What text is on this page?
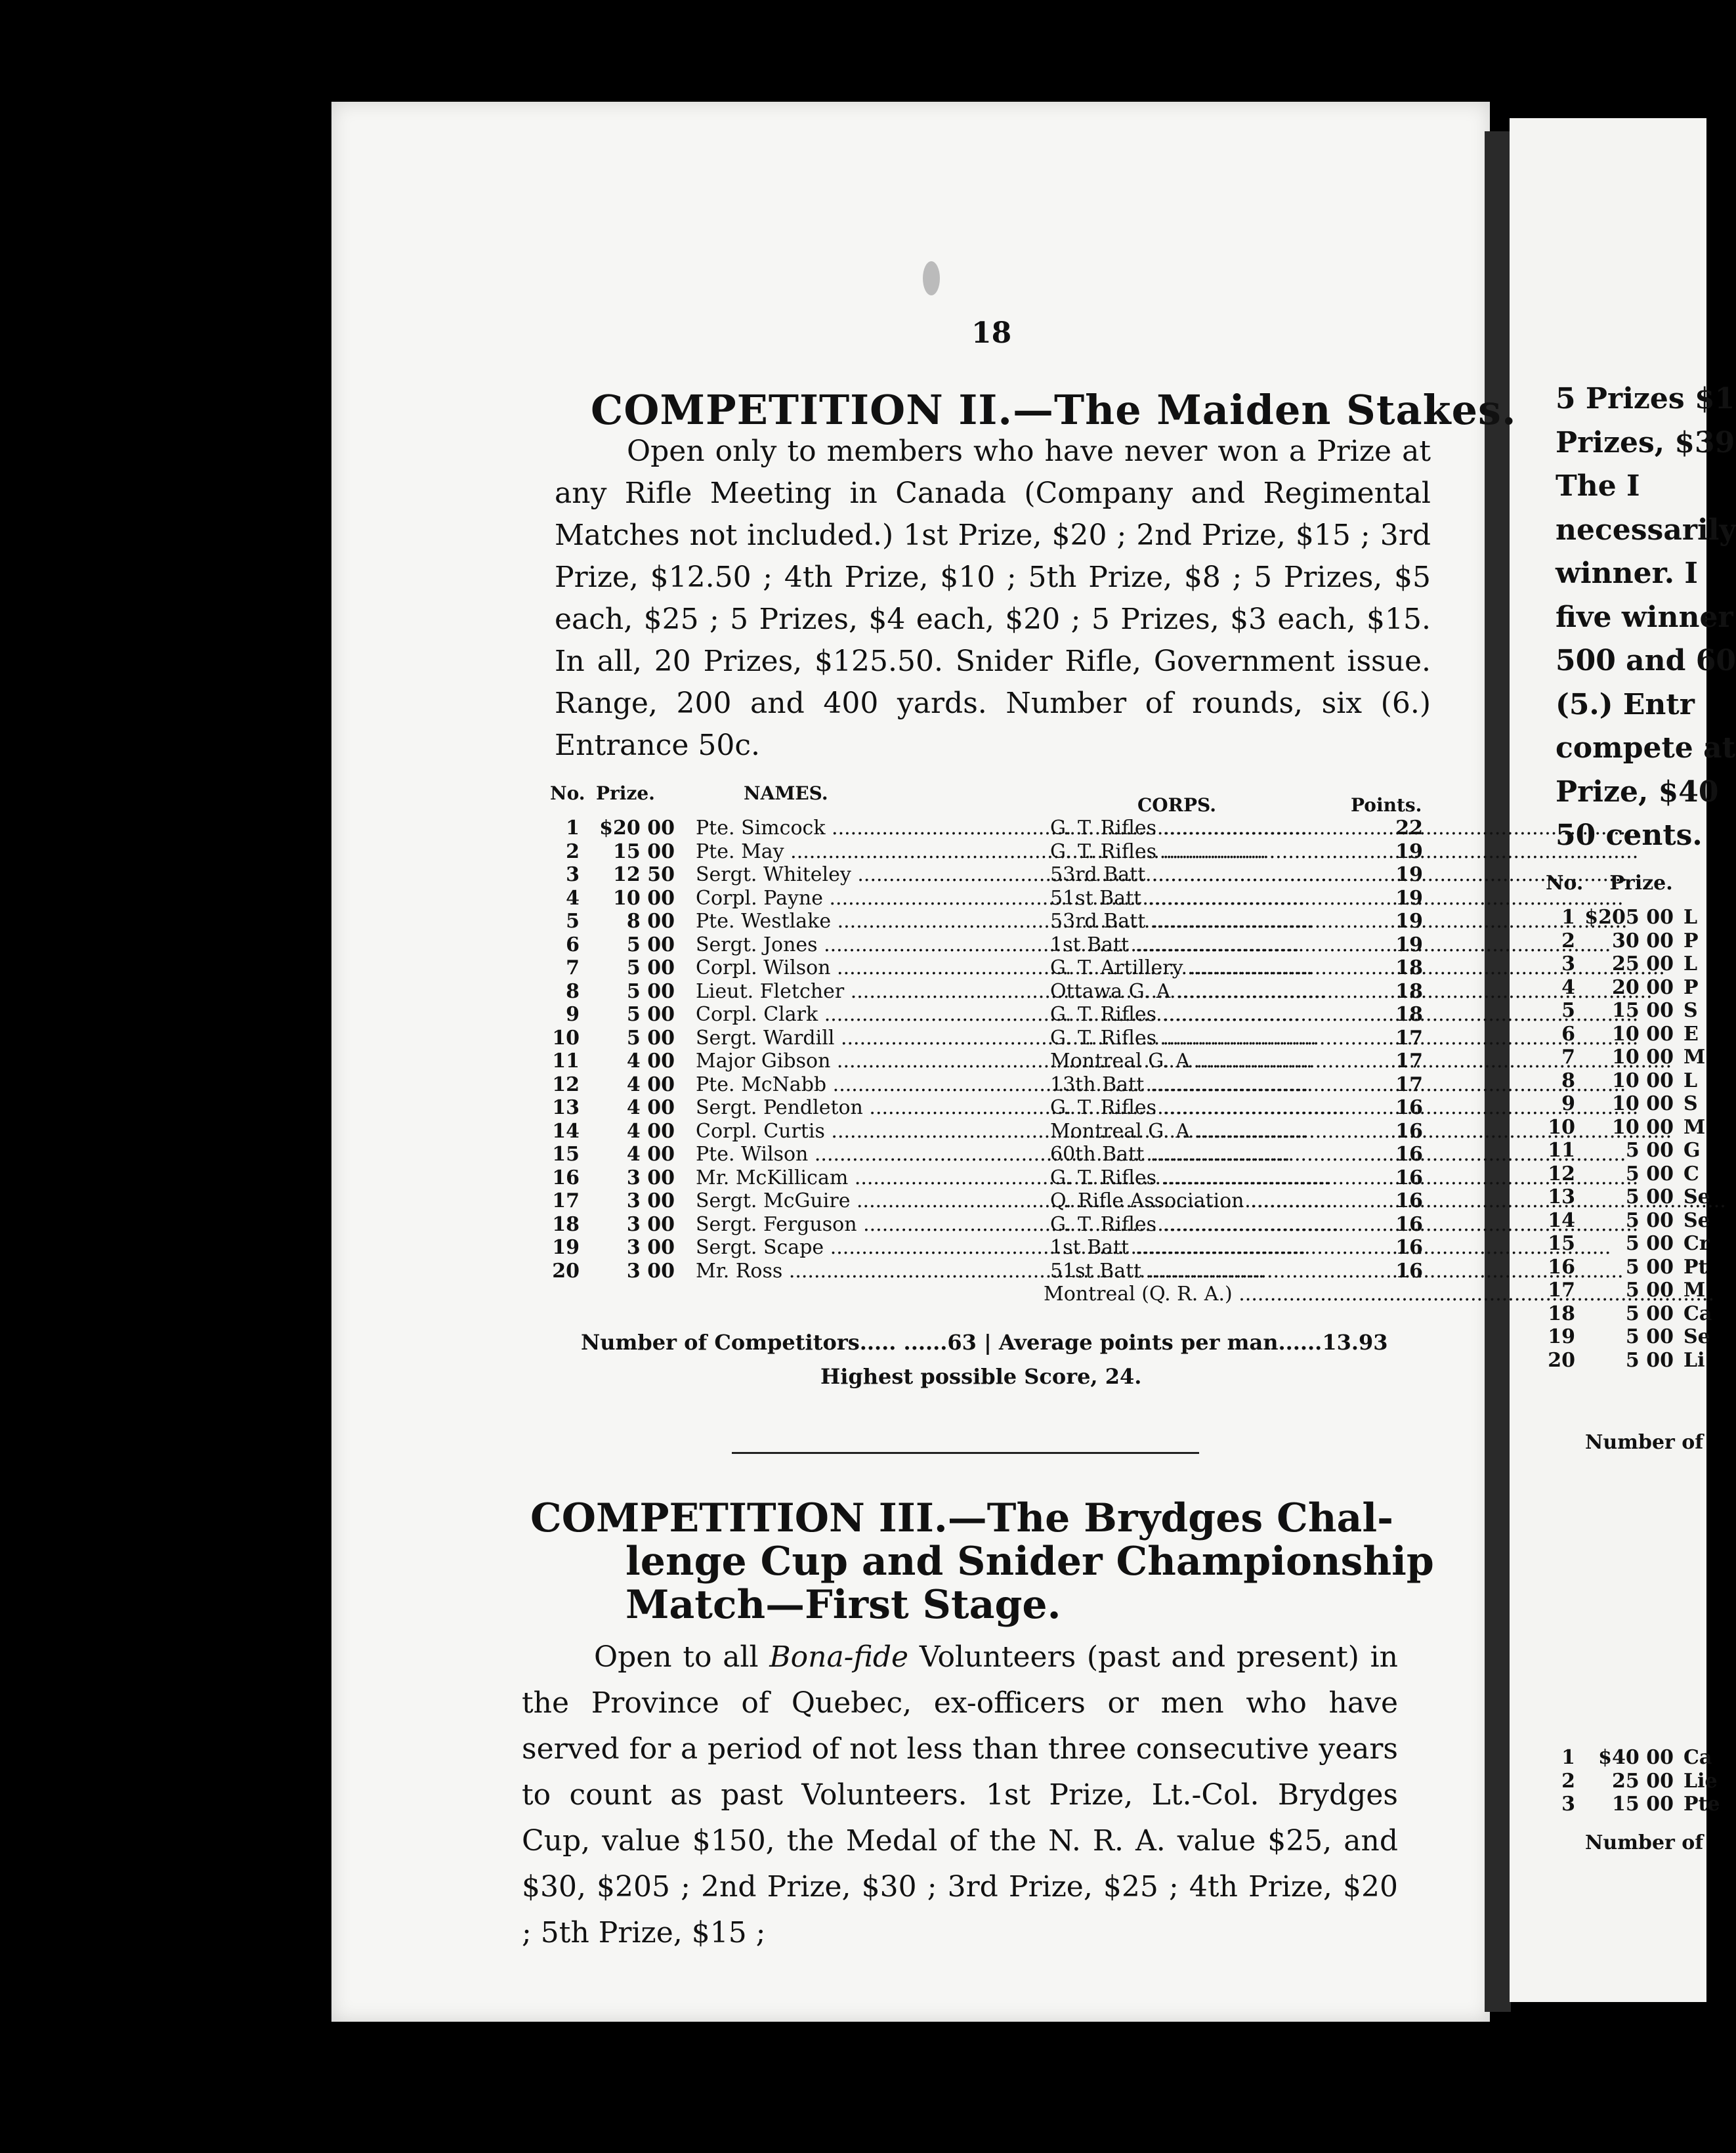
5 Prizes $1
Prizes, $39
The I
necessarily
winner. I
five winner
500 and 60
(5.) Entr
compete at
Prize, $40
50 cents.
No. Prize.
1 $205 00 L
2	30 00 P
3	25 00 L
4	20 00 P
5	15 00 S
6	10 00 E
7	10 00 M
8	10 00 L
9	10 00 S
10	10 00 M
11	5 00 G
12	5 00 C
13	5 00 Se
14	5 00 Se
15	5 00 Cr
16	5 00 Pt
17	5 00 M
18	5 00 Ca
19	5 00 Se
20	5 00 Li
1	$40 00 Ca
2	25 00 Lie
3	15 00 Pte
Number of
Number of
18
COMPETITION II.—The Maiden Stakes.

Open only to members who have never won a Prize at any Rifle Meeting in Canada (Company and Regimental Matches not included.) 1st Prize, $20 ; 2nd Prize, $15 ; 3rd Prize, $12.50 ; 4th Prize, $10 ; 5th Prize, $8 ; 5 Prizes, $5 each, $25 ; 5 Prizes, $4 each, $20 ; 5 Prizes, $3 each, $15. In all, 20 Prizes, $125.50. Snider Rifle, Government issue. Range, 200 and 400 yards. Number of rounds, six (6.) Entrance 50c.

No. Prize.	NAMES.
CORPS.	Points.
1	$20 00 Pte. Simcock .....	G. T. Rifles .....	22
2	15 00 Pte. May .....	G. T. Rifles .....	19
3	12 50 Sergt. Whiteley .....	53rd Batt .....	19
4	10 00 Corpl. Payne .....	51st Batt .....	19
5	8 00 Pte. Westlake .....	53rd Batt .....	19
6	5 00 Sergt. Jones .....	1st Batt .....	19
7	5 00 Corpl. Wilson .....	G. T. Artillery .....	18
8	5 00 Lieut. Fletcher .....	Ottawa G. A .....	18
9	5 00 Corpl. Clark .....	G. T. Rifles .....	18
10	5 00 Sergt. Wardill .....	G. T. Rifles .....	17
11	4 00 Major Gibson .....	Montreal G. A .....	17
12	4 00 Pte. McNabb .....	13th Batt .....	17
13	4 00 Sergt. Pendleton .....	G. T. Rifles .....	16
14	4 00 Corpl. Curtis .....	Montreal G. A .....	16
15	4 00 Pte. Wilson .....	60th Batt .....	16
16	3 00 Mr. McKillicam .....	G. T. Rifles .....	16
17	3 00 Sergt. McGuire .....	Q. Rifle Association .....	16
18	3 00 Sergt. Ferguson .....	G. T. Rifles .....	16
19	3 00 Sergt. Scape .....	1st Batt .....	16
20	3 00 Mr. Ross .....	51st Batt .....	16
Montreal (Q. R. A.) .....
Number of Competitors..... ......63 | Average points per man......13.93
Highest possible Score, 24.
COMPETITION III.—The Brydges Chal-
lenge Cup and Snider Championship
Match—First Stage.

Open to all Bona-fide Volunteers (past and present) in the Province of Quebec, ex-officers or men who have served for a period of not less than three consecutive years to count as past Volunteers. 1st Prize, Lt.-Col. Brydges Cup, value $150, the Medal of the N. R. A. value $25, and $30, $205 ; 2nd Prize, $30 ; 3rd Prize, $25 ; 4th Prize, $20 ; 5th Prize, $15 ;
